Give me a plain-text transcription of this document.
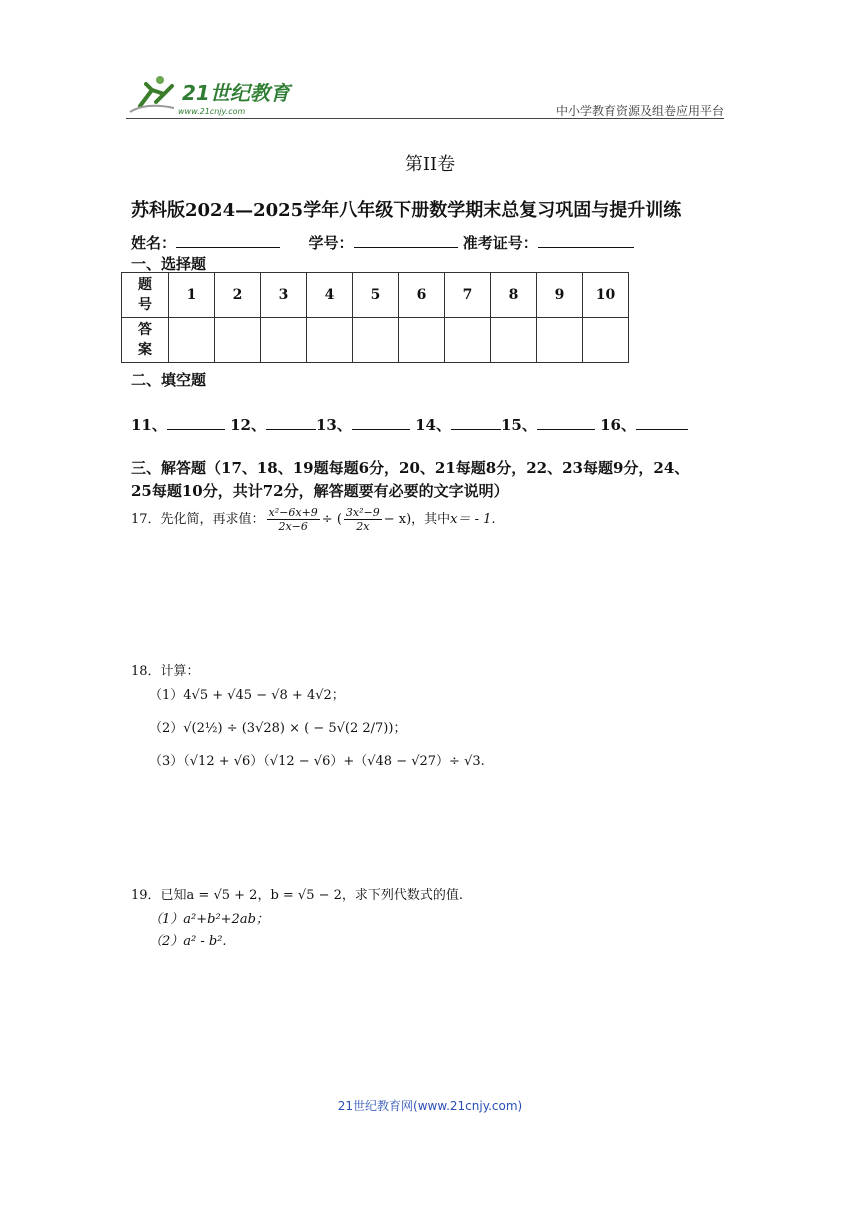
21世纪教育
www.21cnjy.com	中小学教育资源及组卷应用平台
第II卷
苏科版2024—2025学年八年级下册数学期末总复习巩固与提升训练
姓名：	学号：	准考证号：
一、选择题
题
号	1	2	3	4	5	6	7	8	9	10
答
案										
二、填空题
11、	12、	13、	14、	15、	16、
三、解答题（17、18、19题每题6分，20、21每题8分，22、23每题9分，24、
25每题10分，共计72分，解答题要有必要的文字说明）
17．先化简，再求值： $\frac{\text{x²−6x+9}}{2x-6}$ ÷ ( $\frac{\text{3x²−9}}{2x} - x$)，其中x＝ - 1.
18．计算：
（1）4√5 + √45 − √8 + 4√2；
（2）√(2½) ÷ (3√28) × ( − 5√(2 2/7))；
（3）（√12 + √6）（√12 − √6）+（√48 − √27）÷ √3.
19．已知a = √5 + 2，b = √5 − 2，求下列代数式的值.
（1）a²+b²+2ab；
（2）a² - b².
21世纪教育网(www.21cnjy.com)
